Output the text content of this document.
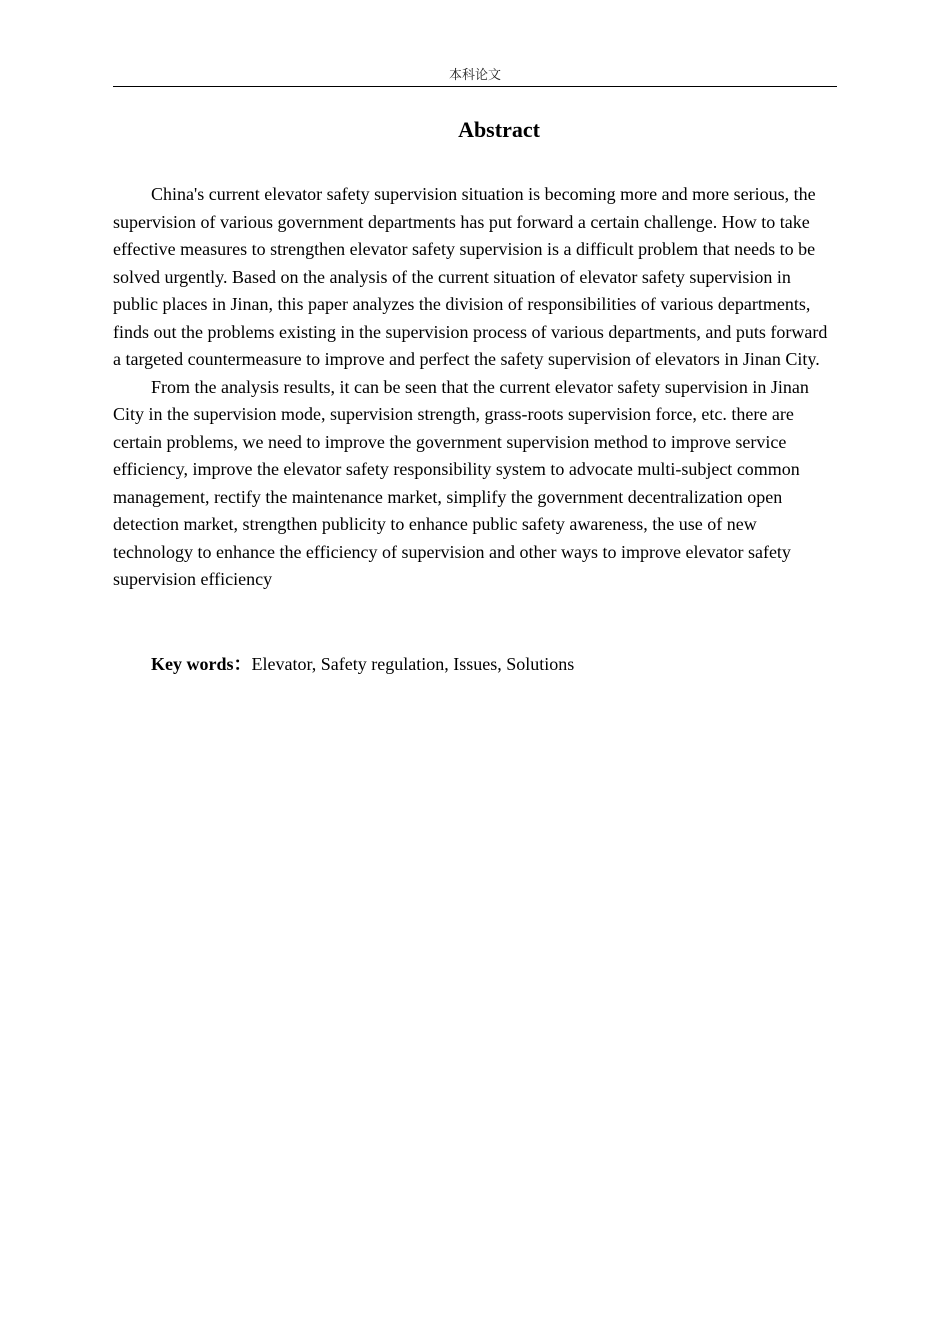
本科论文
Abstract

China's current elevator safety supervision situation is becoming more and more serious, the supervision of various government departments has put forward a certain challenge. How to take effective measures to strengthen elevator safety supervision is a difficult problem that needs to be solved urgently. Based on the analysis of the current situation of elevator safety supervision in public places in Jinan, this paper analyzes the division of responsibilities of various departments, finds out the problems existing in the supervision process of various departments, and puts forward a targeted countermeasure to improve and perfect the safety supervision of elevators in Jinan City.

From the analysis results, it can be seen that the current elevator safety supervision in Jinan City in the supervision mode, supervision strength, grass-roots supervision force, etc. there are certain problems, we need to improve the government supervision method to improve service efficiency, improve the elevator safety responsibility system to advocate multi-subject common management, rectify the maintenance market, simplify the government decentralization open detection market, strengthen publicity to enhance public safety awareness, the use of new technology to enhance the efficiency of supervision and other ways to improve elevator safety supervision efficiency

Key words：Elevator, Safety regulation, Issues, Solutions
